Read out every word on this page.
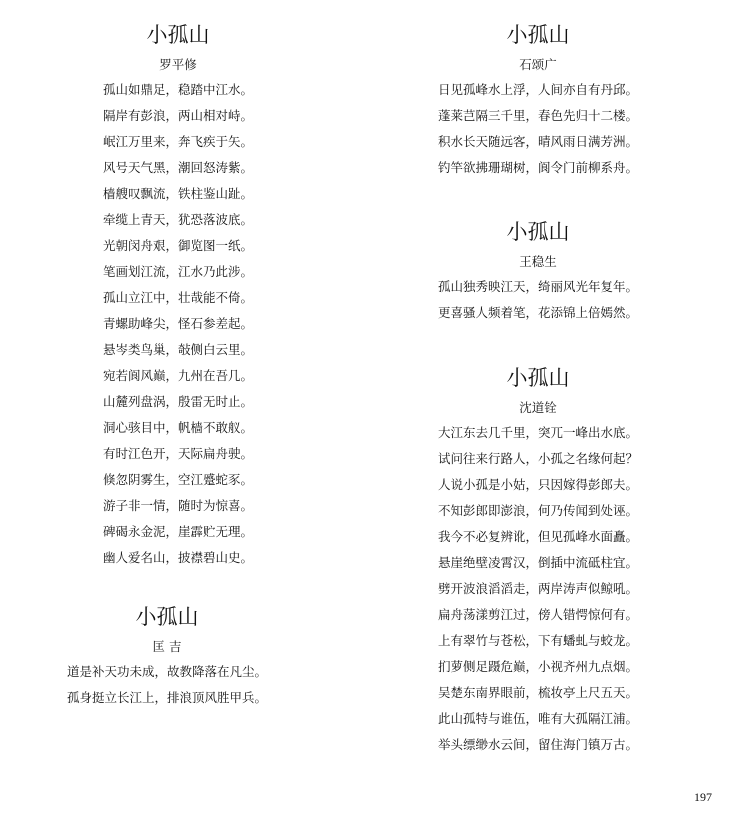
小孤山
罗平修
孤山如鼎足，稳踏中江水。
隔岸有彭浪，两山相对峙。
岷江万里来，奔飞疾于矢。
风号天气黑，潮回怒涛紫。
樯艘叹飘流，铁柱鉴山趾。
牵缆上青天，犹恐落波底。
光朝闵舟艰，御览图一纸。
笔画划江流，江水乃此涉。
孤山立江中，壮哉能不倚。
青螺助峰尖，怪石参差起。
悬岑类鸟巢，敧侧白云里。
宛若阆风巅，九州在吾几。
山麓列盘涡，殷雷无时止。
洞心骇目中，帆樯不敢舣。
有时江色开，天际扁舟驶。
倏忽阴雾生，空江蹙蛇豕。
游子非一情，随时为惊喜。
碑碣永金泥，崖霹贮无理。
幽人爱名山，披襟碧山史。
小孤山
匡 吉
道是补天功未成，故教降落在凡尘。
孤身挺立长江上，排浪顶风胜甲兵。
小孤山
石颂广
日见孤峰水上浮，人间亦自有丹邱。
蓬莱芑隔三千里，春色先归十二楼。
积水长天随远客，晴风雨日满芳洲。
钓竿欲拂珊瑚树，阆令门前柳系舟。
小孤山
王稳生
孤山独秀映江天，绮丽风光年复年。
更喜骚人频着笔，花添锦上倍嫣然。
小孤山
沈道铨
大江东去几千里，突兀一峰出水底。
试问往来行路人，小孤之名缘何起？
人说小孤是小姑，只因嫁得彭郎夫。
不知彭郎即澎浪，何乃传闻到处诬。
我今不必复辨讹，但见孤峰水面矗。
悬崖绝壁凌霄汉，倒插中流砥柱宜。
劈开波浪滔滔走，两岸涛声似鲸吼。
扁舟荡漾剪江过，傍人错愕惊何有。
上有翠竹与苍松，下有蟠虬与蛟龙。
扪萝侧足蹑危巅，小视齐州九点烟。
吴楚东南界眼前，梳妆亭上尺五天。
此山孤特与谁伍，唯有大孤隔江浦。
举头缥缈水云间，留住海门镇万古。
197
